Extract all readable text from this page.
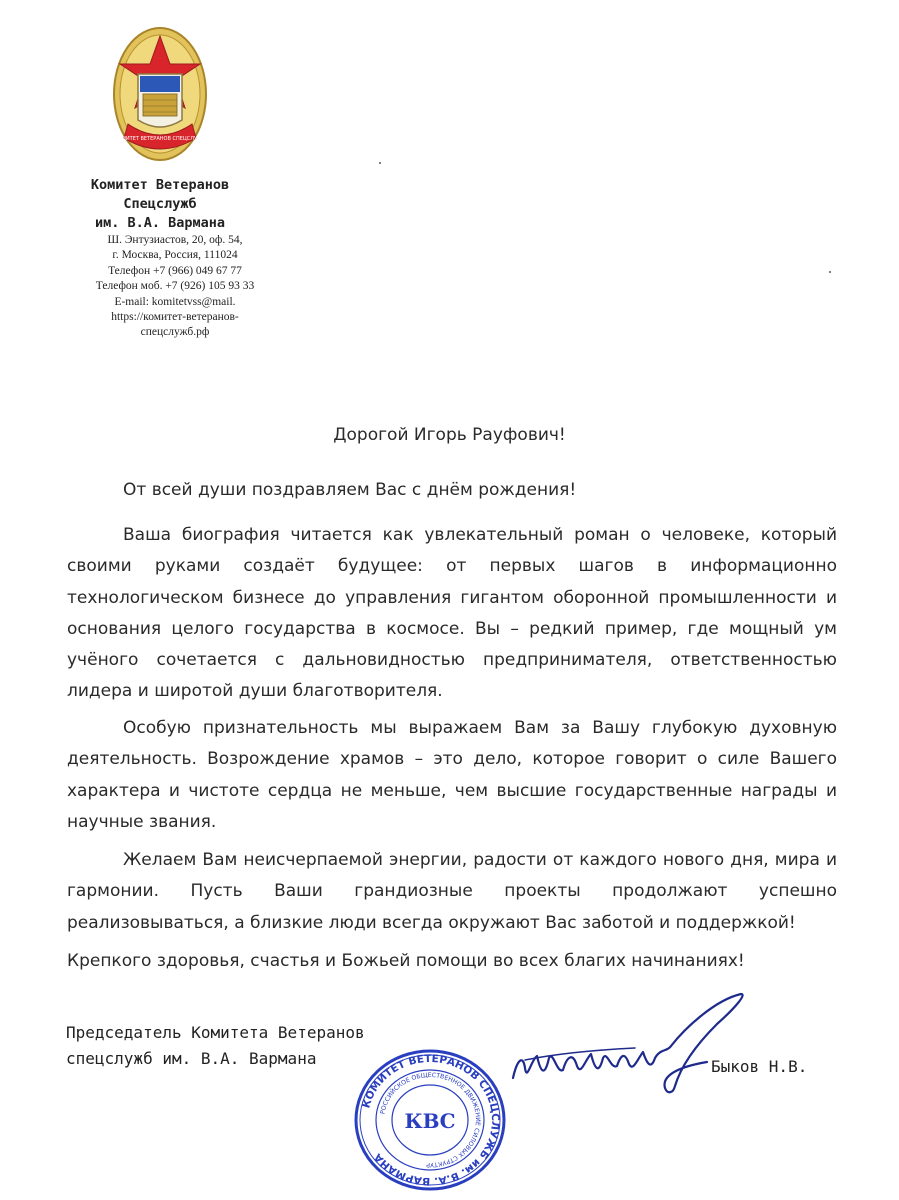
КОМИТЕТ ВЕТЕРАНОВ СПЕЦСЛУЖБ
Комитет Ветеранов
Спецслужб
им. В.А. Вармана
Ш. Энтузиастов, 20, оф. 54,
г. Москва, Россия, 111024
Телефон +7 (966) 049 67 77
Телефон моб. +7 (926) 105 93 33
E-mail: komitetvss@mail.
https://комитет-ветеранов-
спецслужб.рф
Дорогой Игорь Рауфович!
От всей души поздравляем Вас с днём рождения!
Ваша биография читается как увлекательный роман о человеке, который своими руками создаёт будущее: от первых шагов в информационно технологическом бизнесе до управления гигантом оборонной промышленности и основания целого государства в космосе. Вы – редкий пример, где мощный ум учёного сочетается с дальновидностью предпринимателя, ответственностью лидера и широтой души благотворителя.
Особую признательность мы выражаем Вам за Вашу глубокую духовную деятельность. Возрождение храмов – это дело, которое говорит о силе Вашего характера и чистоте сердца не меньше, чем высшие государственные награды и научные звания.
Желаем Вам неисчерпаемой энергии, радости от каждого нового дня, мира и гармонии. Пусть Ваши грандиозные проекты продолжают успешно реализовываться, а близкие люди всегда окружают Вас заботой и поддержкой!
Крепкого здоровья, счастья и Божьей помощи во всех благих начинаниях!
Председатель Комитета Ветеранов
спецслужб им. В.А. Вармана
КОМИТЕТ ВЕТЕРАНОВ СПЕЦСЛУЖБ им. В.А. ВАРМАНА
РОССИЙСКОЕ ОБЩЕСТВЕННОЕ ДВИЖЕНИЕ СИЛОВЫХ СТРУКТУР
КВС
Быков Н.В.
